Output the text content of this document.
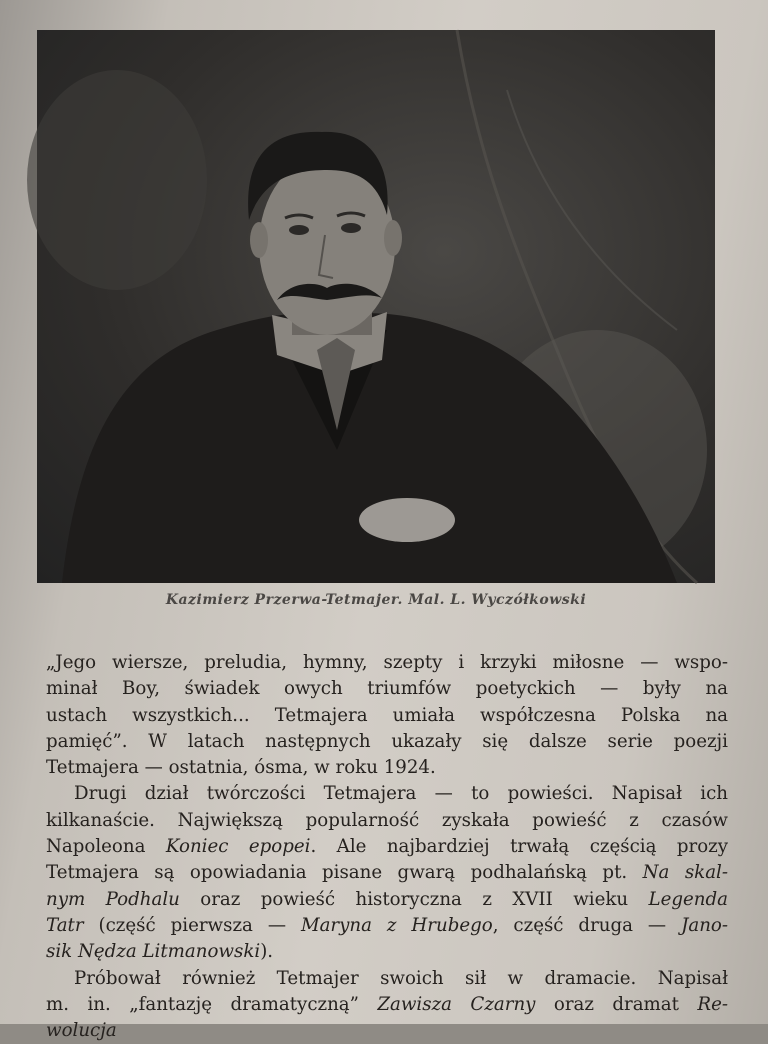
Kazimierz Przerwa-Tetmajer. Mal. L. Wyczółkowski
„Jego wiersze, preludia, hymny, szepty i krzyki miłosne — wspo-
minał Boy, świadek owych triumfów poetyckich — były na
ustach wszystkich... Tetmajera umiała współczesna Polska na
pamięć”. W latach następnych ukazały się dalsze serie poezji
Tetmajera — ostatnia, ósma, w roku 1924.
Drugi dział twórczości Tetmajera — to powieści. Napisał ich
kilkanaście. Największą popularność zyskała powieść z czasów
Napoleona Koniec epopei. Ale najbardziej trwałą częścią prozy
Tetmajera są opowiadania pisane gwarą podhalańską pt. Na skal-
nym Podhalu oraz powieść historyczna z XVII wieku Legenda
Tatr (część pierwsza — Maryna z Hrubego, część druga — Jano-
sik Nędza Litmanowski).
Próbował również Tetmajer swoich sił w dramacie. Napisał
m. in. „fantazję dramatyczną” Zawisza Czarny oraz dramat Re-
wolucja
